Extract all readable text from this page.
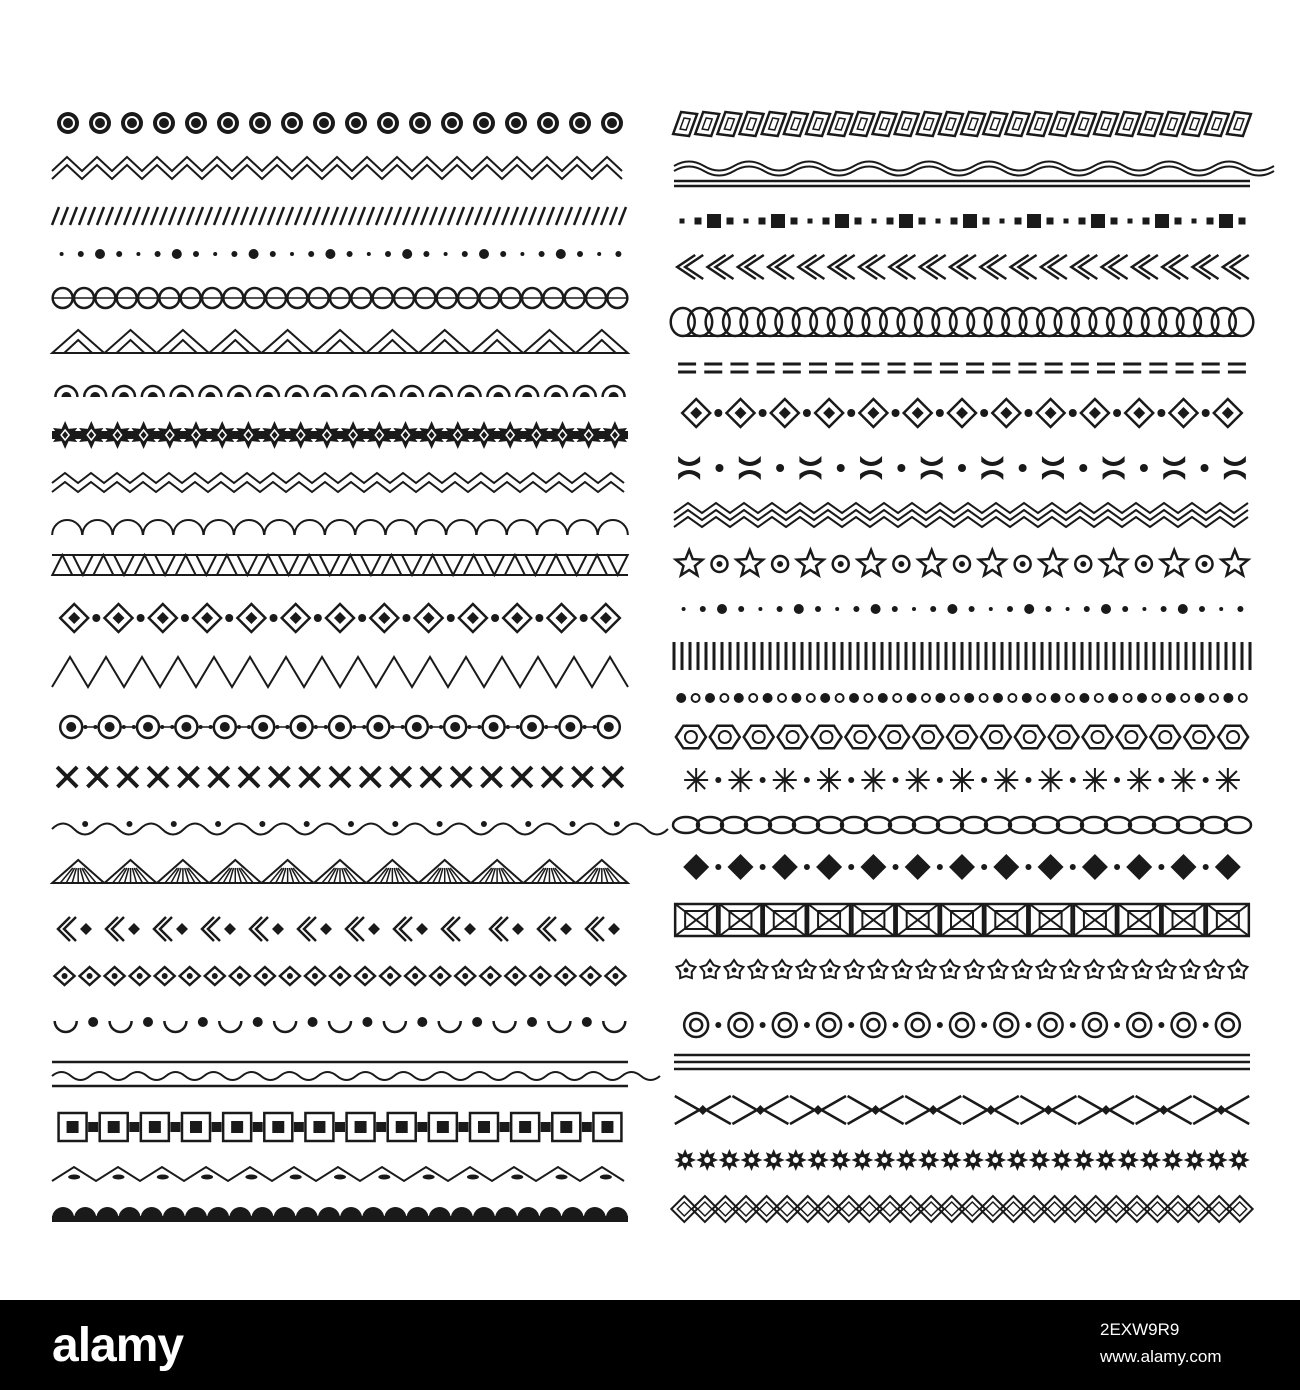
alamy	2EXW9R9
www.alamy.com
